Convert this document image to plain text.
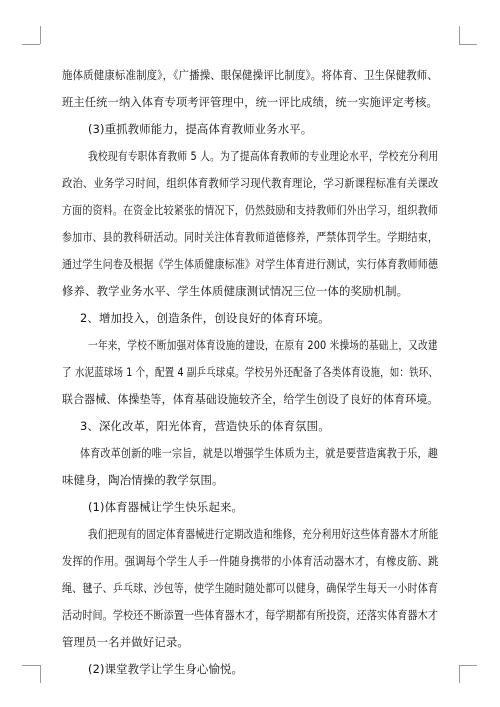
施体质健康标准制度》，《广播操、眼保健操评比制度》。将体育、卫生保健教师、
班主任统一纳入体育专项考评管理中，统一评比成绩，统一实施评定考核。
(3)重抓教师能力，提高体育教师业务水平。
我校现有专职体育教师 5 人。为了提高体育教师的专业理论水平，学校充分利用
政治、业务学习时间，组织体育教师学习现代教育理论，学习新课程标准有关课改
方面的资料。在资金比较紧张的情况下，仍然鼓励和支持教师们外出学习，组织教师
参加市、县的教科研活动。同时关注体育教师道德修养，严禁体罚学生。学期结束，
通过学生问卷及根据《学生体质健康标准》对学生体育进行测试，实行体育教师师德
修养、教学业务水平、学生体质健康测试情况三位一体的奖励机制。
2、增加投入，创造条件，创设良好的体育环境。
一年来，学校不断加强对体育设施的建设，在原有 200 米操场的基础上，又改建
了 水泥蓝球场 1 个，配置 4 副乒乓球桌。学校另外还配备了各类体育设施，如：铁环、
联合器械、体操垫等，体育基础设施较齐全，给学生创设了良好的体育环境。
3、深化改革，阳光体育，营造快乐的体育氛围。
体育改革创新的唯一宗旨，就是以增强学生体质为主，就是要营造寓教于乐，趣
味健身，陶冶情操的教学氛围。
(1)体育器械让学生快乐起来。
我们把现有的固定体育器械进行定期改造和维修，充分利用好这些体育器木才所能
发挥的作用。强调每个学生人手一件随身携带的小体育活动器木才，有橡皮筋、跳
绳、毽子、乒乓球、沙包等，使学生随时随处都可以健身，确保学生每天一小时体育
活动时间。学校还不断添置一些体育器木才，每学期都有所投资，还落实体育器木才
管理员一名并做好记录。
(2)课堂教学让学生身心愉悦。
